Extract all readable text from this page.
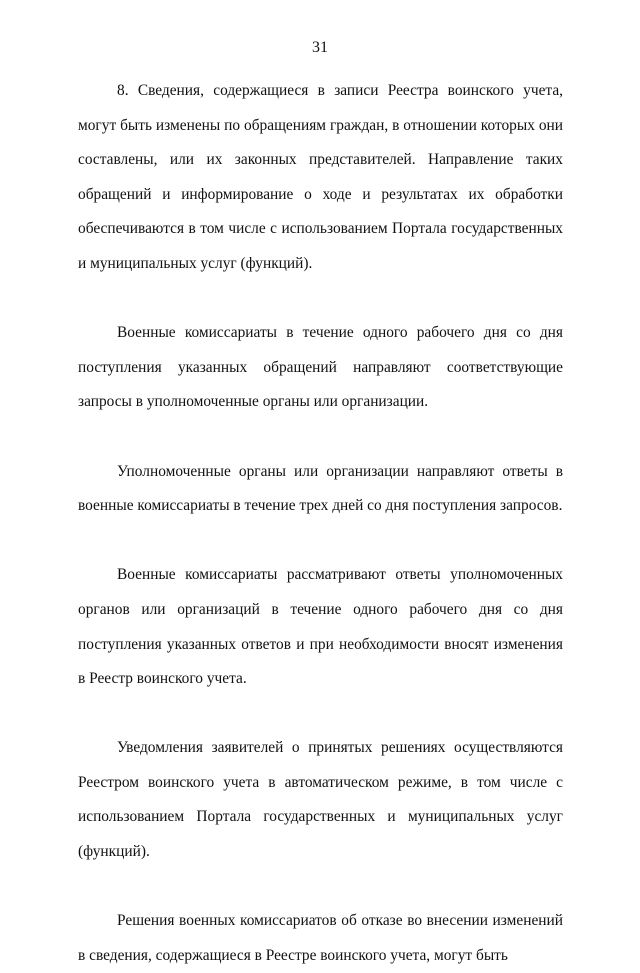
31

8. Сведения, содержащиеся в записи Реестра воинского учета, могут быть изменены по обращениям граждан, в отношении которых они составлены, или их законных представителей. Направление таких обращений и информирование о ходе и результатах их обработки обеспечиваются в том числе с использованием Портала государственных и муниципальных услуг (функций).

Военные комиссариаты в течение одного рабочего дня со дня поступления указанных обращений направляют соответствующие запросы в уполномоченные органы или организации.

Уполномоченные органы или организации направляют ответы в военные комиссариаты в течение трех дней со дня поступления запросов.

Военные комиссариаты рассматривают ответы уполномоченных органов или организаций в течение одного рабочего дня со дня поступления указанных ответов и при необходимости вносят изменения в Реестр воинского учета.

Уведомления заявителей о принятых решениях осуществляются Реестром воинского учета в автоматическом режиме, в том числе с использованием Портала государственных и муниципальных услуг (функций).

Решения военных комиссариатов об отказе во внесении изменений в сведения, содержащиеся в Реестре воинского учета, могут быть
